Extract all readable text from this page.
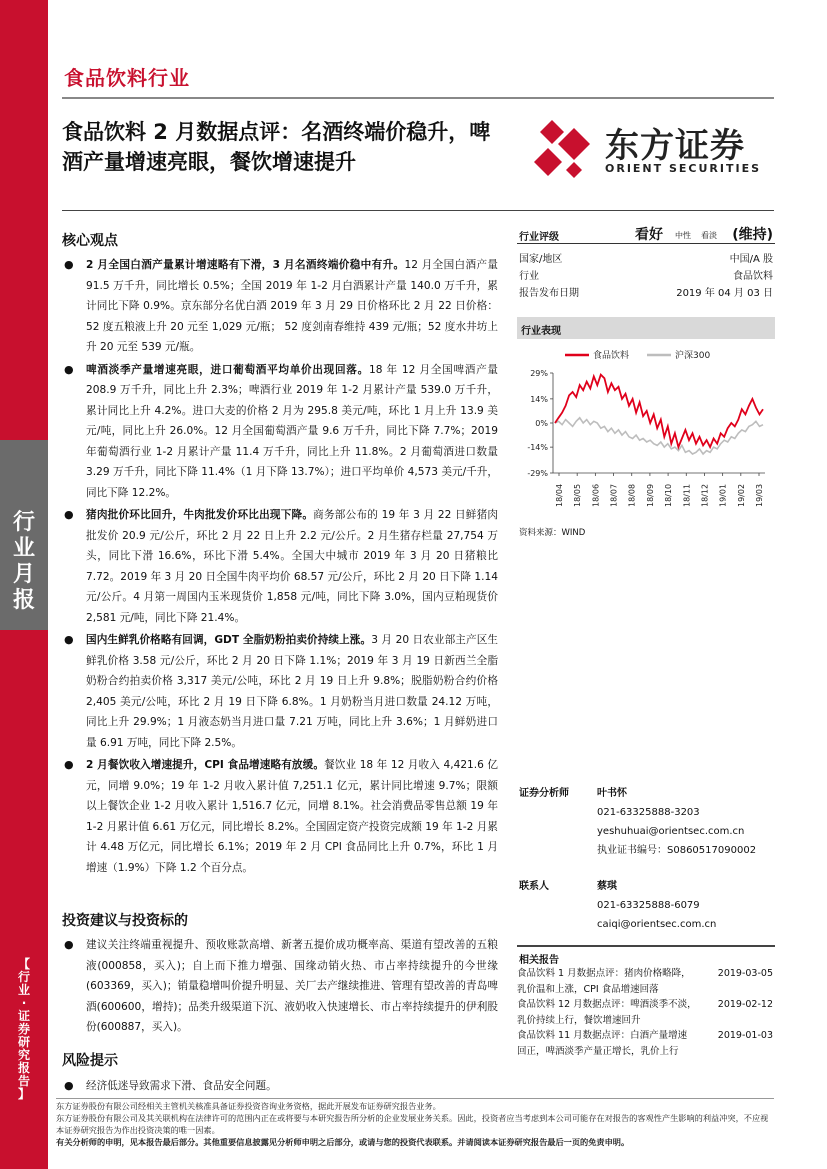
行
业
月
报
【
行
业
·
证
券
研
究
报
告
】
食品饮料行业
食品饮料 2 月数据点评：名酒终端价稳升，啤酒产量增速亮眼，餐饮增速提升	东方证券
ORIENT SECURITIES
核心观点
● 2 月全国白酒产量累计增速略有下滑，3 月名酒终端价稳中有升。12 月全国白酒产量 91.5 万千升，同比增长 0.5%；全国 2019 年 1-2 月白酒累计产量 140.0 万千升，累计同比下降 0.9%。京东部分名优白酒 2019 年 3 月 29 日价格环比 2 月 22 日价格：52 度五粮液上升 20 元至 1,029 元/瓶； 52 度剑南春维持 439 元/瓶；52 度水井坊上升 20 元至 539 元/瓶。
● 啤酒淡季产量增速亮眼，进口葡萄酒平均单价出现回落。18 年 12 月全国啤酒产量 208.9 万千升，同比上升 2.3%；啤酒行业 2019 年 1-2 月累计产量 539.0 万千升，累计同比上升 4.2%。进口大麦的价格 2 月为 295.8 美元/吨，环比 1 月上升 13.9 美元/吨，同比上升 26.0%。12 月全国葡萄酒产量 9.6 万千升，同比下降 7.7%；2019 年葡萄酒行业 1-2 月累计产量 11.4 万千升，同比上升 11.8%。2 月葡萄酒进口数量 3.29 万千升，同比下降 11.4%（1 月下降 13.7%）；进口平均单价 4,573 美元/千升，同比下降 12.2%。
● 猪肉批价环比回升，牛肉批发价环比出现下降。商务部公布的 19 年 3 月 22 日鲜猪肉批发价 20.9 元/公斤，环比 2 月 22 日上升 2.2 元/公斤。2 月生猪存栏量 27,754 万头，同比下滑 16.6%，环比下滑 5.4%。全国大中城市 2019 年 3 月 20 日猪粮比 7.72。2019 年 3 月 20 日全国牛肉平均价 68.57 元/公斤，环比 2 月 20 日下降 1.14 元/公斤。4 月第一周国内玉米现货价 1,858 元/吨，同比下降 3.0%，国内豆粕现货价 2,581 元/吨，同比下降 21.4%。
● 国内生鲜乳价格略有回调，GDT 全脂奶粉拍卖价持续上涨。3 月 20 日农业部主产区生鲜乳价格 3.58 元/公斤，环比 2 月 20 日下降 1.1%；2019 年 3 月 19 日新西兰全脂奶粉合约拍卖价格 3,317 美元/公吨，环比 2 月 19 日上升 9.8%；脱脂奶粉合约价格 2,405 美元/公吨，环比 2 月 19 日下降 6.8%。1 月奶粉当月进口数量 24.12 万吨，同比上升 29.9%；1 月液态奶当月进口量 7.21 万吨，同比上升 3.6%；1 月鲜奶进口量 6.91 万吨，同比下降 2.5%。
● 2 月餐饮收入增速提升，CPI 食品增速略有放缓。餐饮业 18 年 12 月收入 4,421.6 亿元，同增 9.0%；19 年 1-2 月收入累计值 7,251.1 亿元，累计同比增速 9.7%；限额以上餐饮企业 1-2 月收入累计 1,516.7 亿元，同增 8.1%。社会消费品零售总额 19 年 1-2 月累计值 6.61 万亿元，同比增长 8.2%。全国固定资产投资完成额 19 年 1-2 月累计 4.48 万亿元，同比增长 6.1%；2019 年 2 月 CPI 食品同比上升 0.7%，环比 1 月增速（1.9%）下降 1.2 个百分点。
投资建议与投资标的
● 建议关注终端重视提升、预收账款高增、新著五提价成功概率高、渠道有望改善的五粮液(000858，买入)；自上而下推力增强、国缘动销火热、市占率持续提升的今世缘(603369，买入)；销量稳增叫价提升明显、关厂去产继续推进、管理有望改善的青岛啤酒(600600，增持)；品类升级渠道下沉、液奶收入快速增长、市占率持续提升的伊利股份(600887，买入)。
风险提示
● 经济低迷导致需求下滑、食品安全问题。
行业评级	看好 中性 看淡 (维持)
国家/地区	中国/A 股
行业	食品饮料
报告发布日期	2019 年 04 月 03 日
行业表现
食品饮料	沪深300
29%
14%
0%
-14%
-29%
18/04 18/05 18/06 18/07 18/08 18/09 18/10 18/11 18/12 19/01 19/02 19/03
资料来源：WIND
证券分析师	叶书怀
021-63325888-3203
yeshuhuai@orientsec.com.cn
执业证书编号：S0860517090002
联系人	蔡琪
021-63325888-6079
caiqi@orientsec.com.cn
相关报告
食品饮料 1 月数据点评：猪肉价格略降，
乳价温和上涨，CPI 食品增速回落
2019-03-05
食品饮料 12 月数据点评：啤酒淡季不淡，
乳价持续上行，餐饮增速回升
2019-02-12
食品饮料 11 月数据点评：白酒产量增速
回正，啤酒淡季产量正增长，乳价上行
2019-01-03
东方证券股份有限公司经相关主管机关核准具备证券投资咨询业务资格，据此开展发布证券研究报告业务。
东方证券股份有限公司及其关联机构在法律许可的范围内正在或将要与本研究报告所分析的企业发展业务关系。因此，投资者应当考虑到本公司可能存在对报告的客观性产生影响的利益冲突，不应视本证券研究报告为作出投资决策的唯一因素。
有关分析师的申明，见本报告最后部分。其他重要信息披露见分析师申明之后部分，或请与您的投资代表联系。并请阅读本证券研究报告最后一页的免责申明。
